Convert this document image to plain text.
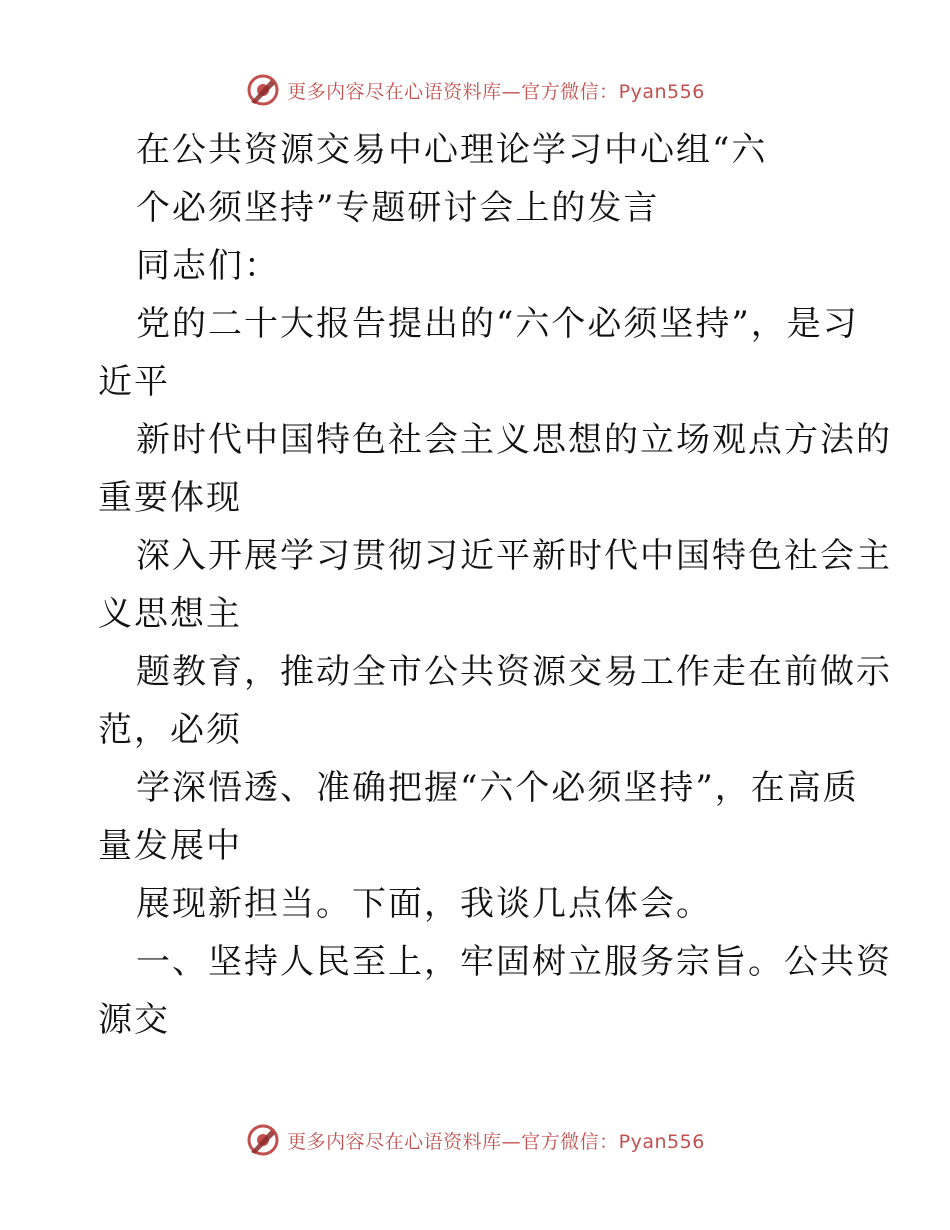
更多内容尽在心语资料库—官方微信：Pyan556
在公共资源交易中心理论学习中心组“六
个必须坚持”专题研讨会上的发言
同志们：
党的二十大报告提出的“六个必须坚持”，是习
近平
新时代中国特色社会主义思想的立场观点方法的
重要体现
深入开展学习贯彻习近平新时代中国特色社会主
义思想主
题教育，推动全市公共资源交易工作走在前做示
范，必须
学深悟透、准确把握“六个必须坚持”，在高质
量发展中
展现新担当。下面，我谈几点体会。
一、坚持人民至上，牢固树立服务宗旨。公共资
源交
更多内容尽在心语资料库—官方微信：Pyan556
